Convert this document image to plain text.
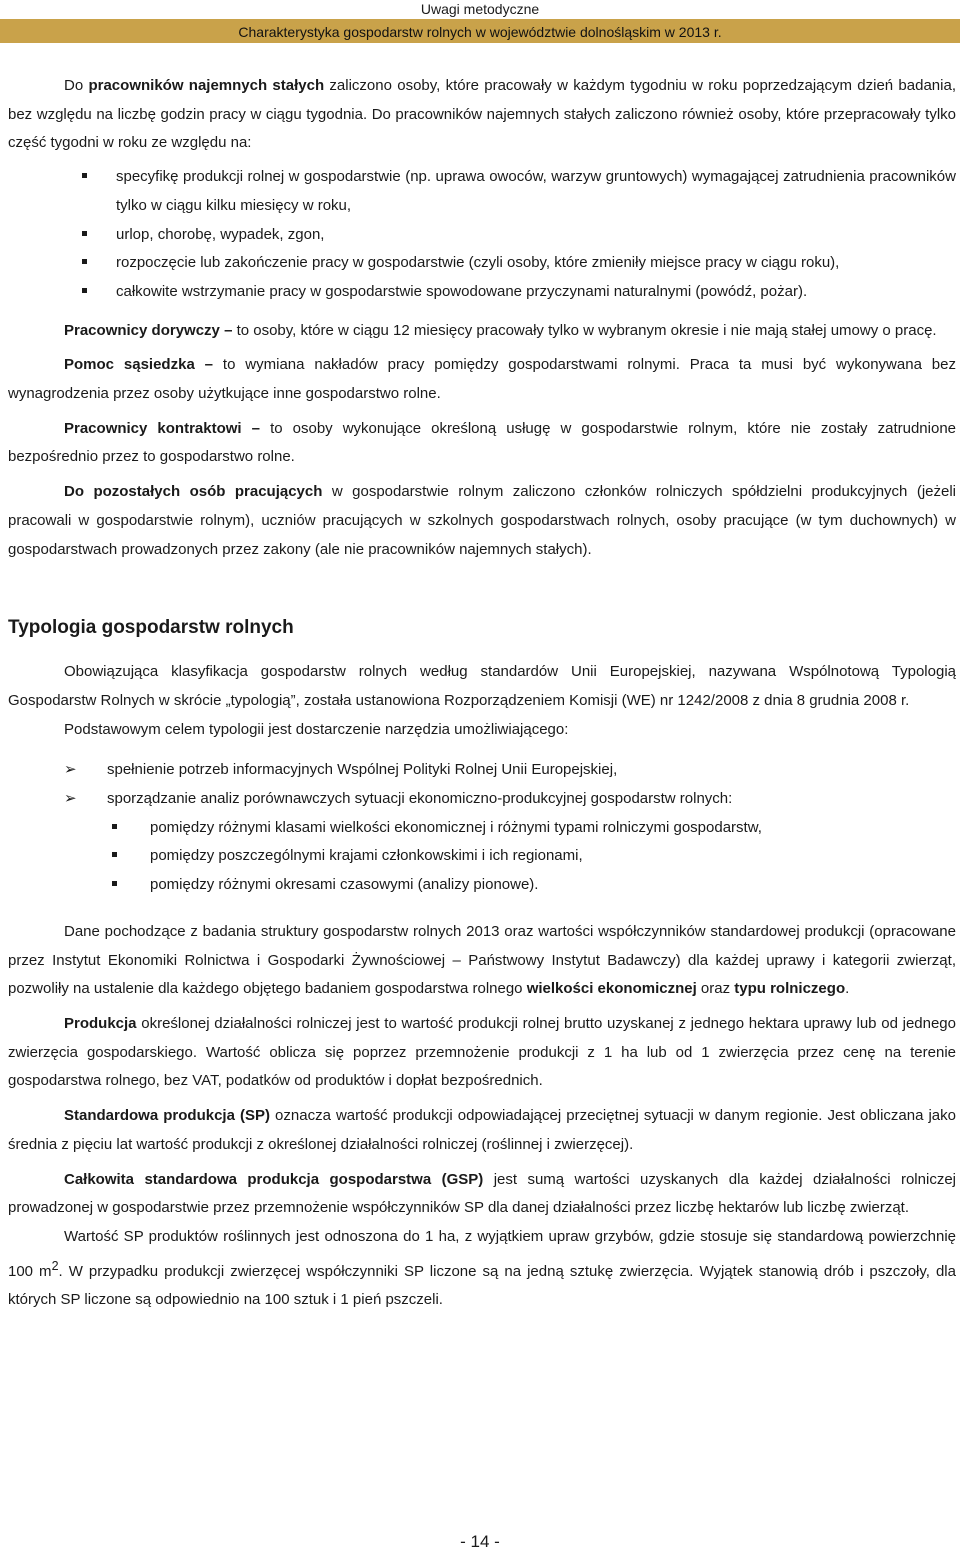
Uwagi metodyczne
Charakterystyka gospodarstw rolnych w województwie dolnośląskim w 2013 r.

Do pracowników najemnych stałych zaliczono osoby, które pracowały w każdym tygodniu w roku poprzedzającym dzień badania, bez względu na liczbę godzin pracy w ciągu tygodnia. Do pracowników najemnych stałych zaliczono również osoby, które przepracowały tylko część tygodni w roku ze względu na:

specyfikę produkcji rolnej w gospodarstwie (np. uprawa owoców, warzyw gruntowych) wymagającej zatrudnienia pracowników tylko w ciągu kilku miesięcy w roku,
urlop, chorobę, wypadek, zgon,
rozpoczęcie lub zakończenie pracy w gospodarstwie (czyli osoby, które zmieniły miejsce pracy w ciągu roku),
całkowite wstrzymanie pracy w gospodarstwie spowodowane przyczynami naturalnymi (powódź, pożar).

Pracownicy dorywczy – to osoby, które w ciągu 12 miesięcy pracowały tylko w wybranym okresie i nie mają stałej umowy o pracę.

Pomoc sąsiedzka – to wymiana nakładów pracy pomiędzy gospodarstwami rolnymi. Praca ta musi być wykonywana bez wynagrodzenia przez osoby użytkujące inne gospodarstwo rolne.

Pracownicy kontraktowi – to osoby wykonujące określoną usługę w gospodarstwie rolnym, które nie zostały zatrudnione bezpośrednio przez to gospodarstwo rolne.

Do pozostałych osób pracujących w gospodarstwie rolnym zaliczono członków rolniczych spółdzielni produkcyjnych (jeżeli pracowali w gospodarstwie rolnym), uczniów pracujących w szkolnych gospodarstwach rolnych, osoby pracujące (w tym duchownych) w gospodarstwach prowadzonych przez zakony (ale nie pracowników najemnych stałych).

Typologia gospodarstw rolnych

Obowiązująca klasyfikacja gospodarstw rolnych według standardów Unii Europejskiej, nazywana Wspólnotową Typologią Gospodarstw Rolnych w skrócie „typologią”, została ustanowiona Rozporządzeniem Komisji (WE) nr 1242/2008 z dnia 8 grudnia 2008 r.

Podstawowym celem typologii jest dostarczenie narzędzia umożliwiającego:

➢ spełnienie potrzeb informacyjnych Wspólnej Polityki Rolnej Unii Europejskiej,
➢ sporządzanie analiz porównawczych sytuacji ekonomiczno-produkcyjnej gospodarstw rolnych:
pomiędzy różnymi klasami wielkości ekonomicznej i różnymi typami rolniczymi gospodarstw,
pomiędzy poszczególnymi krajami członkowskimi i ich regionami,
pomiędzy różnymi okresami czasowymi (analizy pionowe).

Dane pochodzące z badania struktury gospodarstw rolnych 2013 oraz wartości współczynników standardowej produkcji (opracowane przez Instytut Ekonomiki Rolnictwa i Gospodarki Żywnościowej – Państwowy Instytut Badawczy) dla każdej uprawy i kategorii zwierząt, pozwoliły na ustalenie dla każdego objętego badaniem gospodarstwa rolnego wielkości ekonomicznej oraz typu rolniczego.

Produkcja określonej działalności rolniczej jest to wartość produkcji rolnej brutto uzyskanej z jednego hektara uprawy lub od jednego zwierzęcia gospodarskiego. Wartość oblicza się poprzez przemnożenie produkcji z 1 ha lub od 1 zwierzęcia przez cenę na terenie gospodarstwa rolnego, bez VAT, podatków od produktów i dopłat bezpośrednich.

Standardowa produkcja (SP) oznacza wartość produkcji odpowiadającej przeciętnej sytuacji w danym regionie. Jest obliczana jako średnia z pięciu lat wartość produkcji z określonej działalności rolniczej (roślinnej i zwierzęcej).

Całkowita standardowa produkcja gospodarstwa (GSP) jest sumą wartości uzyskanych dla każdej działalności rolniczej prowadzonej w gospodarstwie przez przemnożenie współczynników SP dla danej działalności przez liczbę hektarów lub liczbę zwierząt.

Wartość SP produktów roślinnych jest odnoszona do 1 ha, z wyjątkiem upraw grzybów, gdzie stosuje się standardową powierzchnię 100 $m^2$. W przypadku produkcji zwierzęcej współczynniki SP liczone są na jedną sztukę zwierzęcia. Wyjątek stanowią drób i pszczoły, dla których SP liczone są odpowiednio na 100 sztuk i 1 pień pszczeli.

- 14 -
